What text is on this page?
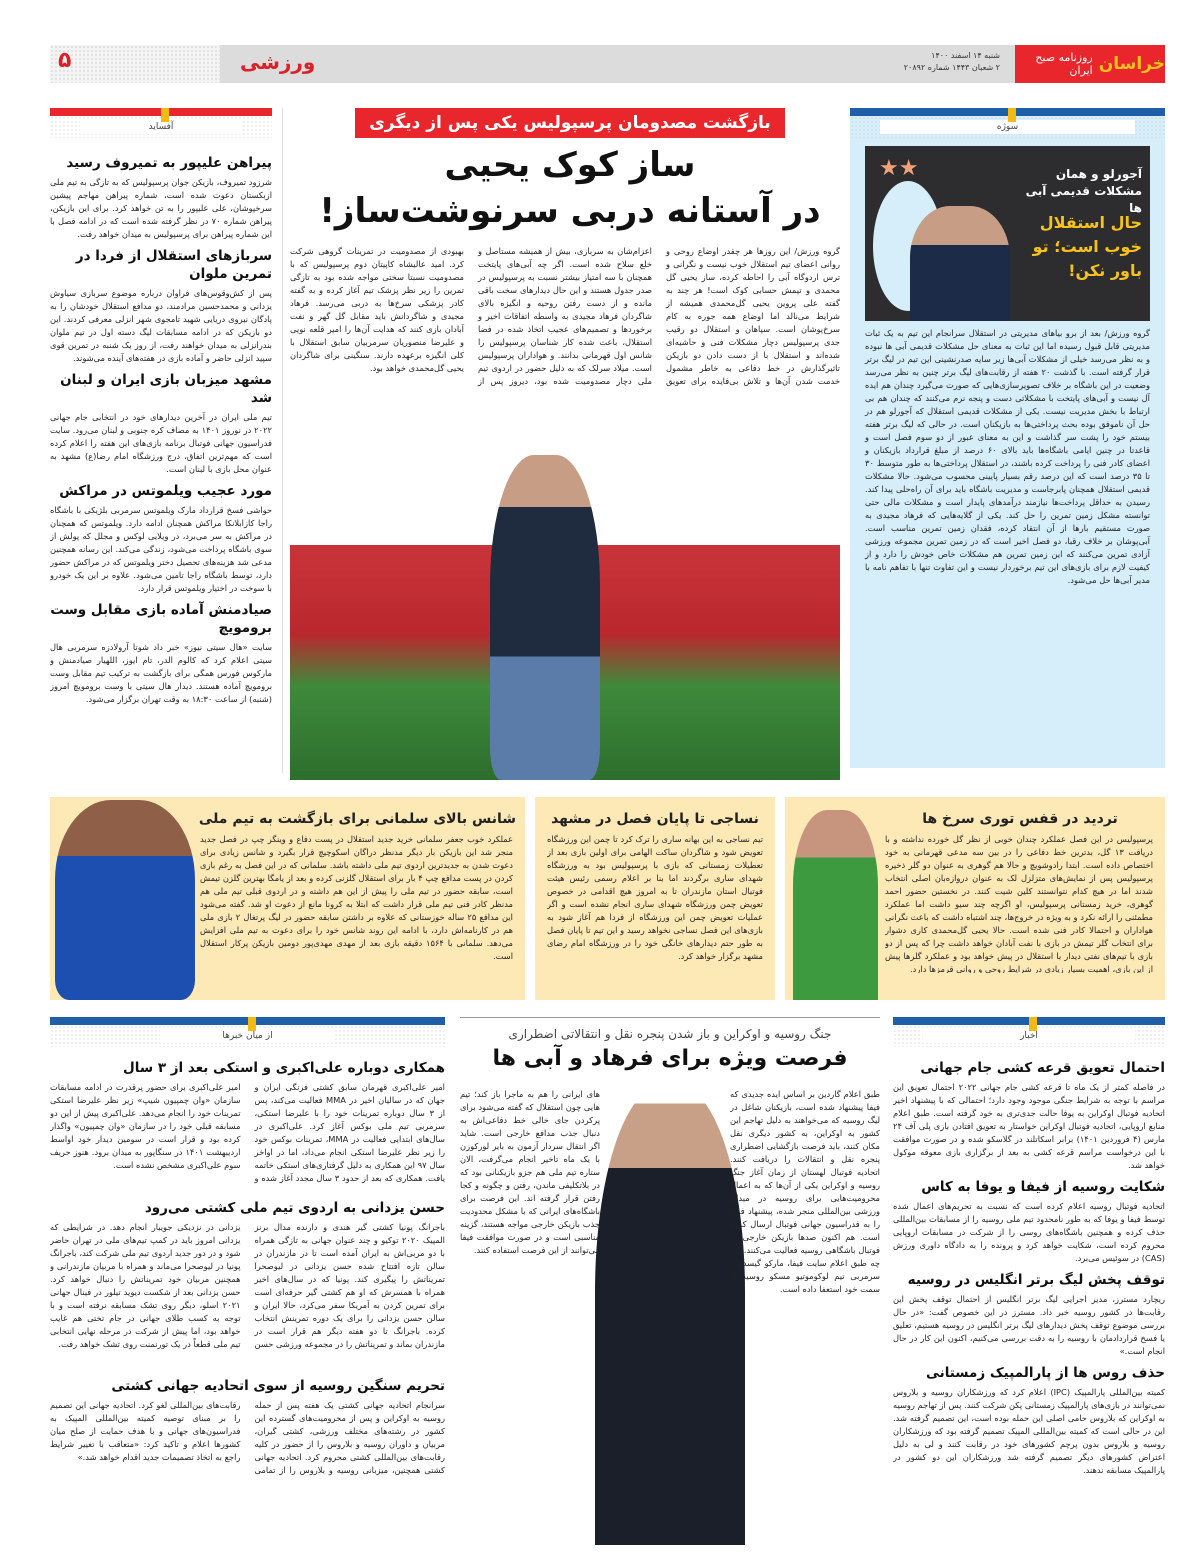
خراسان
روزنامه صبح ایران
شنبه ۱۴ اسفند ۱۴۰۰
۲ شعبان ۱۴۴۳ شماره ۲۰۸۹۲
ورزشی
۵
آفساید
پیراهن علیپور به تمیروف رسید

شرزود تمیروف، بازیکن جوان پرسپولیس که به تازگی به تیم ملی ازبکستان دعوت شده است، شماره پیراهن مهاجم پیشین سرخپوشان، علی علیپور را به تن خواهد کرد. برای این بازیکن، پیراهن شماره ۷۰ در نظر گرفته شده است که در ادامه فصل با این شماره پیراهن برای پرسپولیس به میدان خواهد رفت.

سربازهای استقلال از فردا در تمرین ملوان

پس از کش‌وقوس‌های فراوان درباره موضوع سربازی سیاوش یزدانی و محمدحسین مرادمند، دو مدافع استقلال خودشان را به پادگان نیروی دریایی شهید تامجوی شهر انزلی معرفی کردند. این دو بازیکن که در ادامه مسابقات لیگ دسته اول در تیم ملوان بندرانزلی به میدان خواهند رفت، از روز یک شنبه در تمرین قوی سپید انزلی حاضر و آماده بازی در هفته‌های آینده می‌شوند.

مشهد میزبان بازی ایران و لبنان شد

تیم ملی ایران در آخرین دیدارهای خود در انتخابی جام جهانی ۲۰۲۲ در نوروز ۱۴۰۱ به مصاف کره جنوبی و لبنان می‌رود. سایت فدراسیون جهانی فوتبال برنامه بازی‌های این هفته را اعلام کرده است که مهم‌ترین اتفاق، درج ورزشگاه امام رضا(ع) مشهد به عنوان محل بازی با لبنان است.

مورد عجیب ویلموتس در مراکش

حواشی فسخ قرارداد مارک ویلموتس سرمربی بلژیکی با باشگاه راجا کازابلانکا مراکش همچنان ادامه دارد. ویلموتس که همچنان در مراکش به سر می‌برد، در ویلایی لوکس و مجلل که پولش از سوی باشگاه پرداخت می‌شود، زندگی می‌کند. این رسانه همچنین مدعی شد هزینه‌های تحصیل دختر ویلموتس که در مراکش حضور دارد، توسط باشگاه راجا تامین می‌شود. علاوه بر این یک خودرو با سوخت در اختیار ویلموتس قرار دارد.

صیادمنش آماده بازی مقابل وست برومویچ

سایت «هال سیتی نیوز» خبر داد شوتا آرولادزه سرمربی هال سیتی اعلام کرد که کالوم الدر، تام ایوز، اللهیار صیادمنش و مارکوس فورس همگی برای بازگشت به ترکیب تیم مقابل وست برومویچ آماده هستند. دیدار هال سیتی با وست برومویچ امروز (شنبه) از ساعت ۱۸:۳۰ به وقت تهران برگزار می‌شود.

بازگشت مصدومان پرسپولیس یکی پس از دیگری
ساز کوک یحیی
در آستانه دربی سرنوشت‌ساز!

گروه ورزش/ این روزها هر چقدر اوضاع روحی و روانی اعضای تیم استقلال خوب نیست و نگرانی و ترس اردوگاه آبی را احاطه کرده، ساز یحیی گل محمدی و تیمش حسابی کوک است! هر چند به گفته علی پروین یحیی گل‌محمدی همیشه از شرایط می‌نالد اما اوضاع همه جوره به کام سرخ‌پوشان است. سپاهان و استقلال دو رقیب جدی پرسپولیس دچار مشکلات فنی و حاشیه‌ای شده‌اند و استقلال با از دست دادن دو بازیکن تاثیرگذارش در خط دفاعی به خاطر مشمول خدمت شدن آن‌ها و تلاش بی‌فایده برای تعویق اعزام‌شان به سربازی، بیش از همیشه مستاصل و خلع سلاح شده است. اگر چه آبی‌های پایتخت همچنان با سه امتیاز بیشتر نسبت به پرسپولیس در صدر جدول هستند و این حال دیدارهای سخت باقی مانده و از دست رفتن روحیه و انگیزه بالای شاگردان فرهاد مجیدی به واسطه اتفاقات اخیر و برخوردها و تصمیم‌های عجیب اتخاذ شده در فضا استقلال، باعث شده کار شناسان پرسپولیس را شانس اول قهرمانی بدانند. و هواداران پرسپولیس است. میلاد سرلک که به دلیل حضور در اردوی تیم ملی دچار مصدومیت شده بود، دیروز پس از بهبودی از مصدومیت در تمرینات گروهی شرکت کرد. امید عالیشاه کاپیتان دوم پرسپولیس که با مصدومیت نسبتا سختی مواجه شده بود به تازگی تمرین را زیر نظر پزشک تیم آغاز کرده و به گفته کادر پزشکی سرخ‌ها به دربی می‌رسد. فرهاد مجیدی و شاگردانش باید مقابل گل گهر و نفت آبادان بازی کنند که هدایت آن‌ها را امیر قلعه نویی و علیرضا منصوریان سرمربیان سابق استقلال با کلی انگیزه برعهده دارند. سنگینی برای شاگردان یحیی گل‌محمدی خواهد بود.

سوژه
★★	آجورلو و همان مشکلات قدیمی آبی ها
حال استقلال خوب است؛ تو باور نکن!

گروه ورزش/ بعد از برو بیاهای مدیریتی در استقلال سرانجام این تیم به یک ثبات مدیریتی قابل قبول رسیده اما این ثبات به معنای حل مشکلات قدیمی آبی ها نبوده و به نظر می‌رسد خیلی از مشکلات آبی‌ها زیر سایه صدرنشینی این تیم در لیگ برتر قرار گرفته است. با گذشت ۲۰ هفته از رقابت‌های لیگ برتر چنین به نظر می‌رسد وضعیت در این باشگاه بر خلاف تصویرسازی‌هایی که صورت می‌گیرد چندان هم ایده آل نیست و آبی‌های پایتخت با مشکلاتی دست و پنجه نرم می‌کنند که چندان هم بی ارتباط با بخش مدیریت نیست. یکی از مشکلات قدیمی استقلال که آجورلو هم در حل آن ناموفق بوده بحث پرداختی‌ها به بازیکنان است. در حالی که لیگ برتر هفته بیستم خود را پشت سر گذاشت و این به معنای عبور از دو سوم فصل است و قاعدتا در چنین ایامی باشگاه‌ها باید بالای ۶۰ درصد از مبلغ قرارداد بازیکنان و اعضای کادر فنی را پرداخت کرده باشند، در استقلال پرداختی‌ها به طور متوسط ۳۰ تا ۳۵ درصد است که این درصد رقم بسیار پایینی محسوب می‌شود. حالا مشکلات قدیمی استقلال همچنان پابرجاست و مدیریت باشگاه باید برای آن راه‌حلی پیدا کند. رسیدن به حداقل پرداخت‌ها نیازمند درآمدهای پایدار است و مشکلات مالی حتی توانسته مشکل زمین تمرین را حل کند. یکی از گلایه‌هایی که فرهاد مجیدی به صورت مستقیم بارها از آن انتقاد کرده، فقدان زمین تمرین مناسب است. آبی‌پوشان بر خلاف رقبا، دو فصل اخیر است که در زمین تمرین مجموعه ورزشی آزادی تمرین می‌کنند که این زمین تمرین هم مشکلات خاص خودش را دارد و از کیفیت لازم برای بازی‌های این تیم برخوردار نیست و این تفاوت تنها با تفاهم نامه با مدیر آبی‌ها حل می‌شود.

تردید در قفس توری سرخ ها

پرسپولیس در این فصل عملکرد چندان خوبی از نظر گل خورده نداشته و با دریافت ۱۳ گل، بدترین خط دفاعی را در بین سه مدعی قهرمانی به خود اختصاص داده است. ابتدا رادوشویچ و حالا هم گوهری به عنوان دو گلر ذخیره پرسپولیس پس از نمایش‌های متزلزل لک به عنوان دروازه‌بان اصلی انتخاب شدند اما در هیچ کدام نتوانستند کلین شیت کنند. در نخستین حضور احمد گوهری، خرید زمستانی پرسپولیس، او اگرچه چند سیو داشت اما عملکرد مطمئنی را ارائه نکرد و به ویژه در خروج‌ها، چند اشتباه داشت که باعث نگرانی هواداران و احتمالا کادر فنی شده است. حالا یحیی گل‌محمدی کاری دشوار برای انتخاب گلر تیمش در بازی با نفت آبادان خواهد داشت چرا که پس از دو بازی با تیم‌های نفتی دیدار با استقلال در پیش خواهد بود و عملکرد گلرها پیش از این بازی، اهمیت بسیار زیادی در شرایط روحی و روانی قرمزها دارد.

نساجی تا پایان فصل در مشهد

تیم نساجی به این بهانه ساری را ترک کرد تا چمن این ورزشگاه تعویض شود و شاگردان ساکت الهامی برای اولین بازی بعد از تعطیلات زمستانی که بازی با پرسپولیس بود به ورزشگاه شهدای ساری برگردند اما بنا بر اعلام رسمی رئیس هیئت فوتبال استان مازندران تا به امروز هیچ اقدامی در خصوص تعویض چمن ورزشگاه شهدای ساری انجام نشده است و اگر عملیات تعویض چمن این ورزشگاه از فردا هم آغاز شود به بازی‌های این فصل نساجی نخواهد رسید و این تیم تا پایان فصل به طور حتم دیدارهای خانگی خود را در ورزشگاه امام رضای مشهد برگزار خواهد کرد.

شانس بالای سلمانی برای بازگشت به تیم ملی

عملکرد خوب جعفر سلمانی خرید جدید استقلال در پست دفاع و وینگر چپ در فصل جدید منجر شد این بازیکن بار دیگر مدنظر دراگان اسکوچیچ قرار بگیرد و شانس زیادی برای دعوت شدن به جدیدترین اردوی تیم ملی داشته باشد. سلمانی که در این فصل به رغم بازی کردن در پست مدافع چپ ۴ بار برای استقلال گلزنی کرده و بعد از یامگا بهترین گلزن تیمش است، سابقه حضور در تیم ملی را پیش از این هم داشته و در اردوی قبلی تیم ملی هم مدنظر کادر فنی تیم ملی قرار داشت که ابتلا به کرونا مانع از دعوت او شد. گفته می‌شود این مدافع ۲۵ ساله خوزستانی که علاوه بر داشتن سابقه حضور در لیگ پرتغال ۲ بازی ملی هم در کارنامه‌اش دارد، با ادامه این روند شانس خود را برای دعوت به تیم ملی افزایش می‌دهد. سلمانی با ۱۵۶۴ دقیقه بازی بعد از مهدی مهدی‌پور دومین بازیکن پرکار استقلال است.

از میان خبرها
همکاری دوباره علی‌اکبری و استکی بعد از ۳ سال

امیر علی‌اکبری قهرمان سابق کشتی فرنگی ایران و جهان که در سالیان اخیر در MMA فعالیت می‌کند، پس از ۳ سال دوباره تمرینات خود را با علیرضا استکی، سرمربی تیم ملی بوکس آغاز کرد. علی‌اکبری در سال‌های ابتدایی فعالیت در MMA، تمرینات بوکس خود را زیر نظر علیرضا استکی انجام می‌داد، اما در اواخر سال ۹۷ این همکاری به دلیل گرفتاری‌های استکی خاتمه یافت. همکاری که بعد از حدود ۳ سال مجدد آغاز شده و امیر علی‌اکبری برای حضور پرقدرت در ادامه مسابقات سازمان «وان چمپیون شیپ» زیر نظر علیرضا استکی تمرینات خود را انجام می‌دهد. علی‌اکبری پیش از این دو مسابقه قبلی خود را در سازمان «وان چمپیون» واگذار کرده بود و قرار است در سومین دیدار خود اواسط اردیبهشت ۱۴۰۱ در سنگاپور به میدان برود. هنوز حریف سوم علی‌اکبری مشخص نشده است.

حسن یزدانی به اردوی تیم ملی کشتی می‌رود

باجرانگ پونیا کشتی گیر هندی و دارنده مدال برنز المپیک ۲۰۲۰ توکیو و چند عنوان جهانی به تازگی همراه با دو مربی‌اش به ایران آمده است تا در مازندران در سالن تازه افتتاح شده حسن یزدانی در لیوصحرا تمریناتش را پیگیری کند. پونیا که در سال‌های اخیر همراه با همسرش که او هم کشتی گیر حرفه‌ای است برای تمرین کردن به آمریکا سفر می‌کرد، حالا ایران و سالن حسن یزدانی را برای یک دوره تمرینش انتخاب کرده. باجرانگ تا دو هفته دیگر هم قرار است در مازندران بماند و تمریناتش را در مجموعه ورزشی حسن یزدانی در نزدیکی جویبار انجام دهد. در شرایطی که یزدانی امروز باید در کمپ تیم‌های ملی در تهران حاضر شود و در دور جدید اردوی تیم ملی شرکت کند، باجرانگ پونیا در لیوصحرا می‌ماند و همراه با مربیان مازندرانی و همچنین مربیان خود تمریناتش را دنبال خواهد کرد. حسن یزدانی بعد از شکست دیوید تیلور در فینال جهانی ۲۰۲۱ اسلو، دیگر روی تشک مسابقه نرفته است و با توجه به کسب طلای جهانی در جام تختی هم غایب خواهد بود، اما پیش از شرکت در مرحله نهایی انتخابی تیم ملی قطعاً در یک تورنمنت روی تشک خواهد رفت.

تحریم سنگین روسیه از سوی اتحادیه جهانی کشتی

سرانجام اتحادیه جهانی کشتی یک هفته پس از حمله روسیه به اوکراین و پس از محرومیت‌های گسترده این کشور در رشته‌های مختلف ورزشی، کشتی گیران، مربیان و داوران روسیه و بلاروس را از حضور در کلیه رقابت‌های بین‌المللی کشتی محروم کرد. اتحادیه جهانی کشتی همچنین، میزبانی روسیه و بلاروس را از تمامی رقابت‌های بین‌المللی لغو کرد. اتحادیه جهانی این تصمیم را بر مبنای توصیه کمیته بین‌المللی المپیک به فدراسیون‌های جهانی و با هدف حمایت از صلح میان کشورها اعلام و تاکید کرد: «متعاقب با تغییر شرایط راجع به اتخاذ تصمیمات جدید اقدام خواهد شد.»

جنگ روسیه و اوکراین و باز شدن پنجره نقل و انتقالاتی اضطراری
فرصت ویژه برای فرهاد و آبی ها

طبق اعلام گاردین بر اساس ایده جدیدی که فیفا پیشنهاد شده است، بازیکنان شاغل در لیگ روسیه که می‌خواهند به دلیل تهاجم این کشور به اوکراین، به کشور دیگری نقل مکان کنند، باید فرصت بازگشایی اضطراری پنجره نقل و انتقالات را دریافت کنند. اتحادیه فوتبال لهستان از زمان آغاز جنگ روسیه و اوکراین یکی از آن‌ها که به اعمال محرومیت‌هایی برای روسیه در میدان ورزشی بین‌المللی منجر شده، پیشنهاد فوق را به فدراسیون جهانی فوتبال ارسال کرده است. هم اکنون صدها بازیکن خارجی در فوتبال باشگاهی روسیه فعالیت می‌کنند. اگر چه طبق اعلام سایت فیفا، مارکو گیسدول، سرمربی تیم لوکوموتیو مسکو روسیه از سمت خود استعفا داده است.

های ایرانی را هم به ماجرا باز کند؛ تیم هایی چون استقلال که گفته می‌شود برای پرکردن جای خالی خط دفاعی‌اش به دنبال جذب مدافع خارجی است. شاید اگر انتقال سردار آزمون به بایر لورکوزن با یک ماه تاخیر انجام می‌گرفت، الان ستاره تیم ملی هم جزو بازیکنانی بود که در بلاتکلیفی ماندن، رفتن و چگونه و کجا رفتن قرار گرفته اند. این فرصت برای باشگاه‌های ایرانی که با مشکل محدودیت جذب بازیکن خارجی مواجه هستند، گزینه مناسبی است و در صورت موافقت فیفا می‌توانند از این فرصت استفاده کنند.

اخبار
احتمال تعویق قرعه کشی جام جهانی

در فاصله کمتر از یک ماه تا قرعه کشی جام جهانی ۲۰۲۲ احتمال تعویق این مراسم با توجه به شرایط جنگی موجود وجود دارد؛ احتمالی که با پیشنهاد اخیر اتحادیه فوتبال اوکراین به یوفا حالت جدی‌تری به خود گرفته است. طبق اعلام منابع اروپایی، اتحادیه فوتبال اوکراین خواستار به تعویق افتادن بازی پلی آف ۲۴ مارس (۴ فروردین ۱۴۰۱) برابر اسکاتلند در گلاسکو شده و در صورت موافقت با این درخواست مراسم قرعه کشی به بعد از برگزاری بازی معوقه موکول خواهد شد.

شکایت روسیه از فیفا و یوفا به کاس

اتحادیه فوتبال روسیه اعلام کرده است که نسبت به تحریم‌های اعمال شده توسط فیفا و یوفا که به طور نامحدود تیم ملی روسیه را از مسابقات بین‌المللی حذف کرده و همچنین باشگاه‌های روسی را از شرکت در مسابقات اروپایی محروم کرده است، شکایت خواهد کرد و پرونده را به دادگاه داوری ورزش (CAS) در سوئیس می‌برد.

توقف پخش لیگ برتر انگلیس در روسیه

ریچارد مسترز، مدیر اجرایی لیگ برتر انگلیس از احتمال توقف پخش این رقابت‌ها در کشور روسیه خبر داد. مسترز در این خصوص گفت: «در حال بررسی موضوع توقف پخش دیدارهای لیگ برتر انگلیس در روسیه هستیم، تعلیق یا فسخ قراردادمان با روسیه را به دقت بررسی می‌کنیم، اکنون این کار در حال انجام است.»

حذف روس ها از پارالمپیک زمستانی

کمیته بین‌المللی پارالمپیک (IPC) اعلام کرد که ورزشکاران روسیه و بلاروس نمی‌توانند در بازی‌های پارالمپیک زمستانی پکن شرکت کنند. پس از تهاجم روسیه به اوکراین که بلاروس حامی اصلی این حمله بوده است، این تصمیم گرفته شد. این در حالی است که کمیته بین‌المللی المپیک تصمیم گرفته بود که ورزشکاران روسیه و بلاروس بدون پرچم کشورهای خود در رقابت کنند و لی به دلیل اعتراض کشورهای دیگر تصمیم گرفته شد ورزشکاران این دو کشور در پارالمپیک مسابقه ندهند.
